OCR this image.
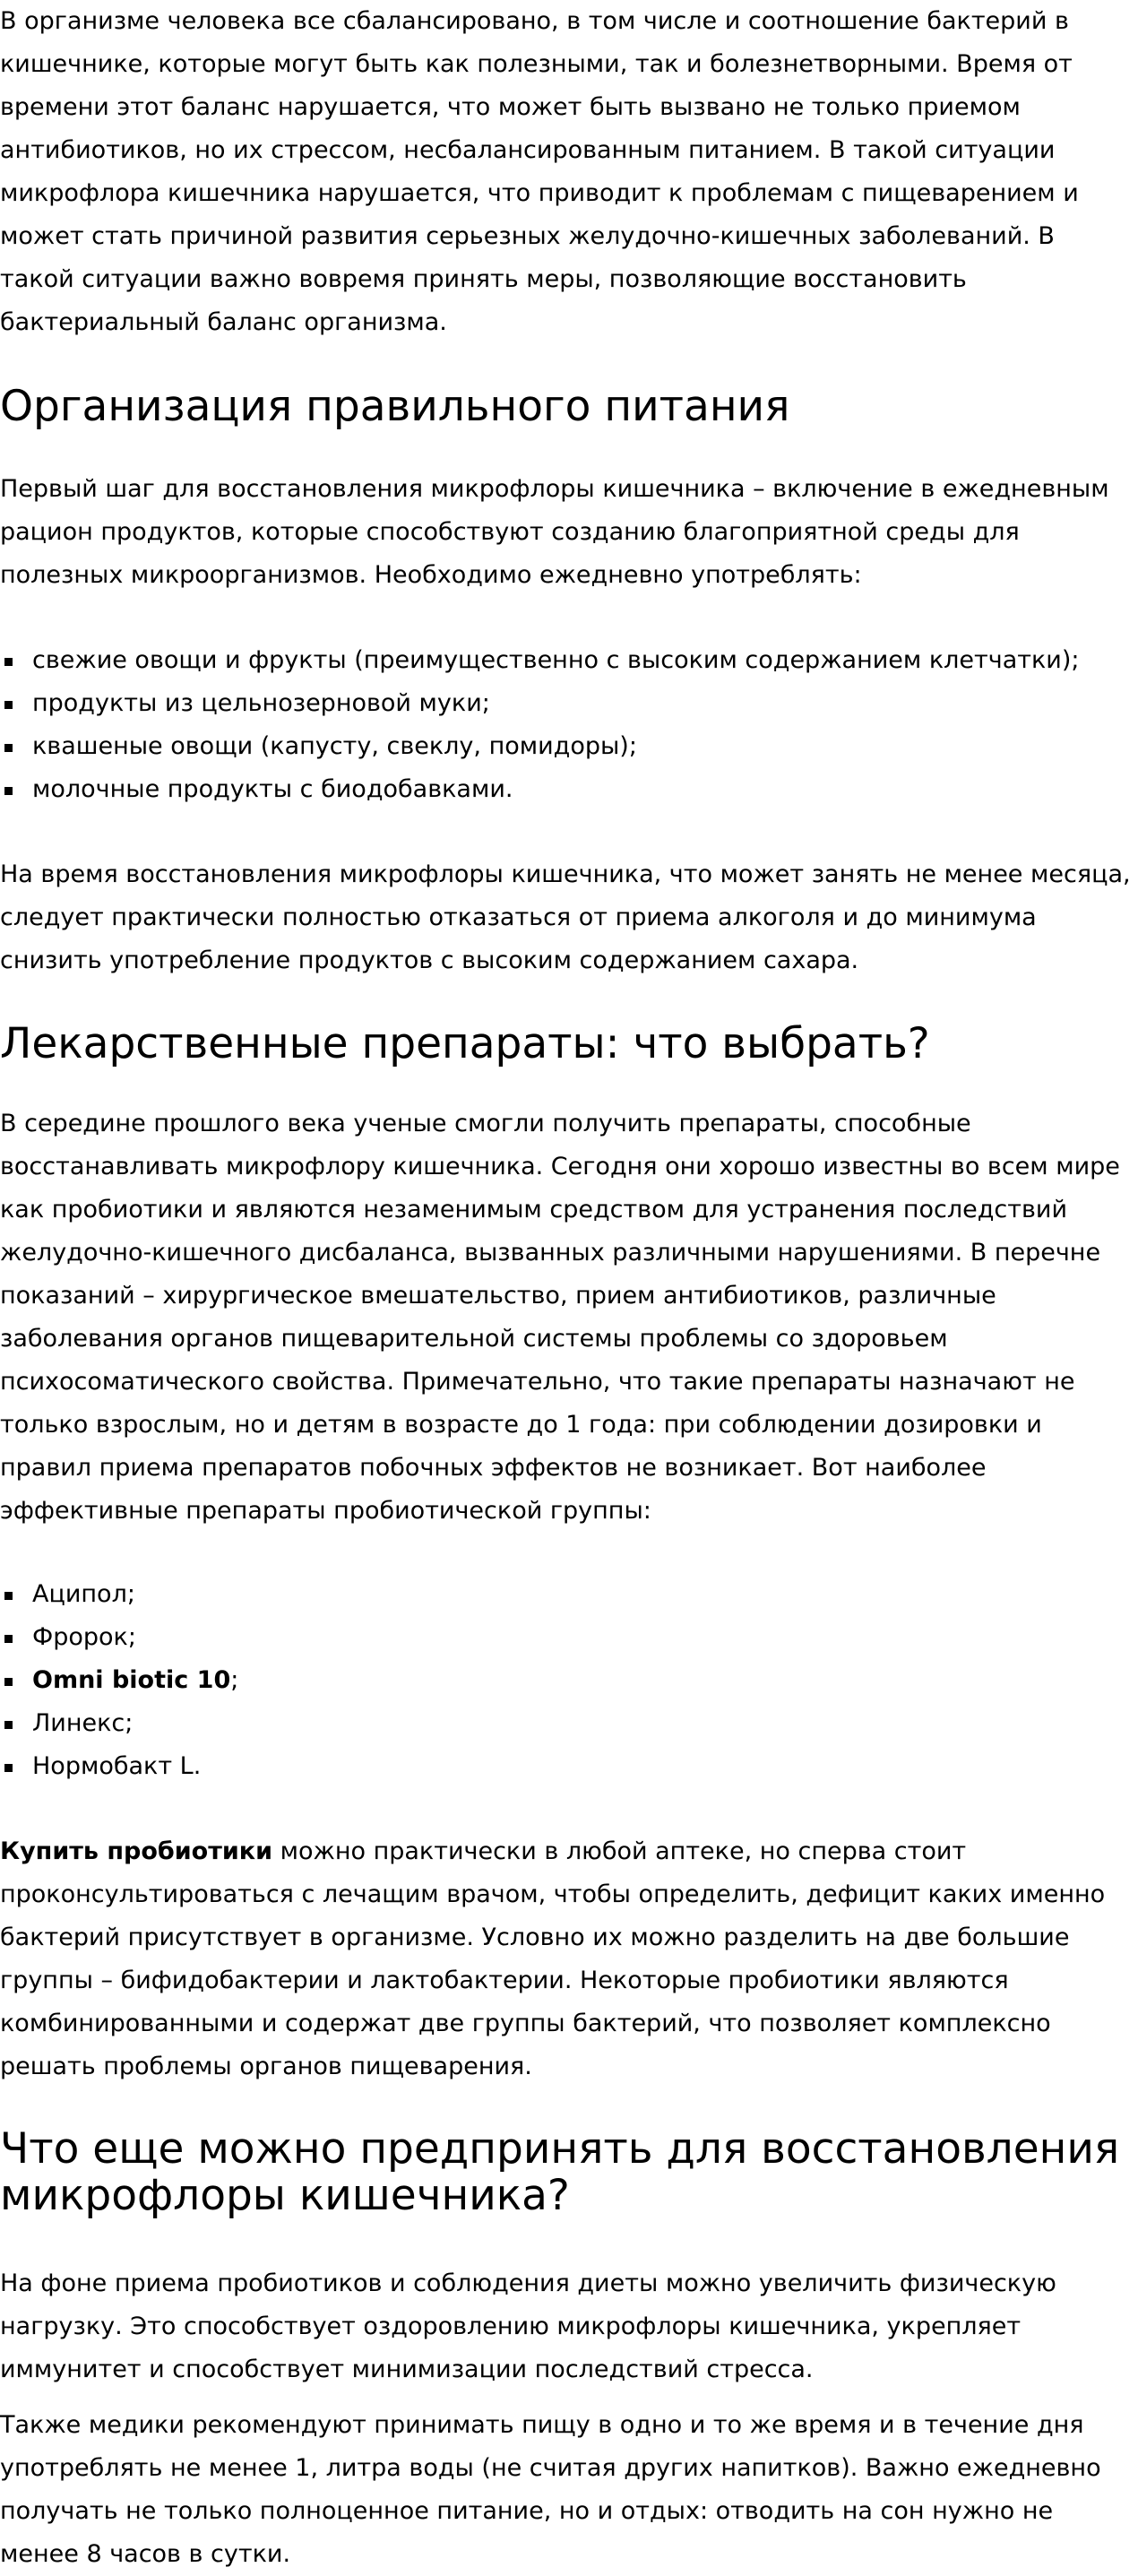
В организме человека все сбалансировано, в том числе и соотношение бактерий в кишечнике, которые могут быть как полезными, так и болезнетворными. Время от времени этот баланс нарушается, что может быть вызвано не только приемом антибиотиков, но их стрессом, несбалансированным питанием. В такой ситуации микрофлора кишечника нарушается, что приводит к проблемам с пищеварением и может стать причиной развития серьезных желудочно-кишечных заболеваний. В такой ситуации важно вовремя принять меры, позволяющие восстановить бактериальный баланс организма.

Организация правильного питания

Первый шаг для восстановления микрофлоры кишечника – включение в ежедневным рацион продуктов, которые способствуют созданию благоприятной среды для полезных микроорганизмов. Необходимо ежедневно употреблять:

свежие овощи и фрукты (преимущественно с высоким содержанием клетчатки);
продукты из цельнозерновой муки;
квашеные овощи (капусту, свеклу, помидоры);
молочные продукты с биодобавками.

На время восстановления микрофлоры кишечника, что может занять не менее месяца, следует практически полностью отказаться от приема алкоголя и до минимума снизить употребление продуктов с высоким содержанием сахара.

Лекарственные препараты: что выбрать?

В середине прошлого века ученые смогли получить препараты, способные восстанавливать микрофлору кишечника. Сегодня они хорошо известны во всем мире как пробиотики и являются незаменимым средством для устранения последствий желудочно-кишечного дисбаланса, вызванных различными нарушениями. В перечне показаний – хирургическое вмешательство, прием антибиотиков, различные заболевания органов пищеварительной системы проблемы со здоровьем психосоматического свойства. Примечательно, что такие препараты назначают не только взрослым, но и детям в возрасте до 1 года: при соблюдении дозировки и правил приема препаратов побочных эффектов не возникает. Вот наиболее эффективные препараты пробиотической группы:

Аципол;
Фророк;
Omni biotic 10;
Линекс;
Нормобакт L.

Купить пробиотики можно практически в любой аптеке, но сперва стоит проконсультироваться с лечащим врачом, чтобы определить, дефицит каких именно бактерий присутствует в организме. Условно их можно разделить на две большие группы – бифидобактерии и лактобактерии. Некоторые пробиотики являются комбинированными и содержат две группы бактерий, что позволяет комплексно решать проблемы органов пищеварения.

Что еще можно предпринять для восстановления микрофлоры кишечника?

На фоне приема пробиотиков и соблюдения диеты можно увеличить физическую нагрузку. Это способствует оздоровлению микрофлоры кишечника, укрепляет иммунитет и способствует минимизации последствий стресса.

Также медики рекомендуют принимать пищу в одно и то же время и в течение дня употреблять не менее 1, литра воды (не считая других напитков). Важно ежедневно получать не только полноценное питание, но и отдых: отводить на сон нужно не менее 8 часов в сутки.
